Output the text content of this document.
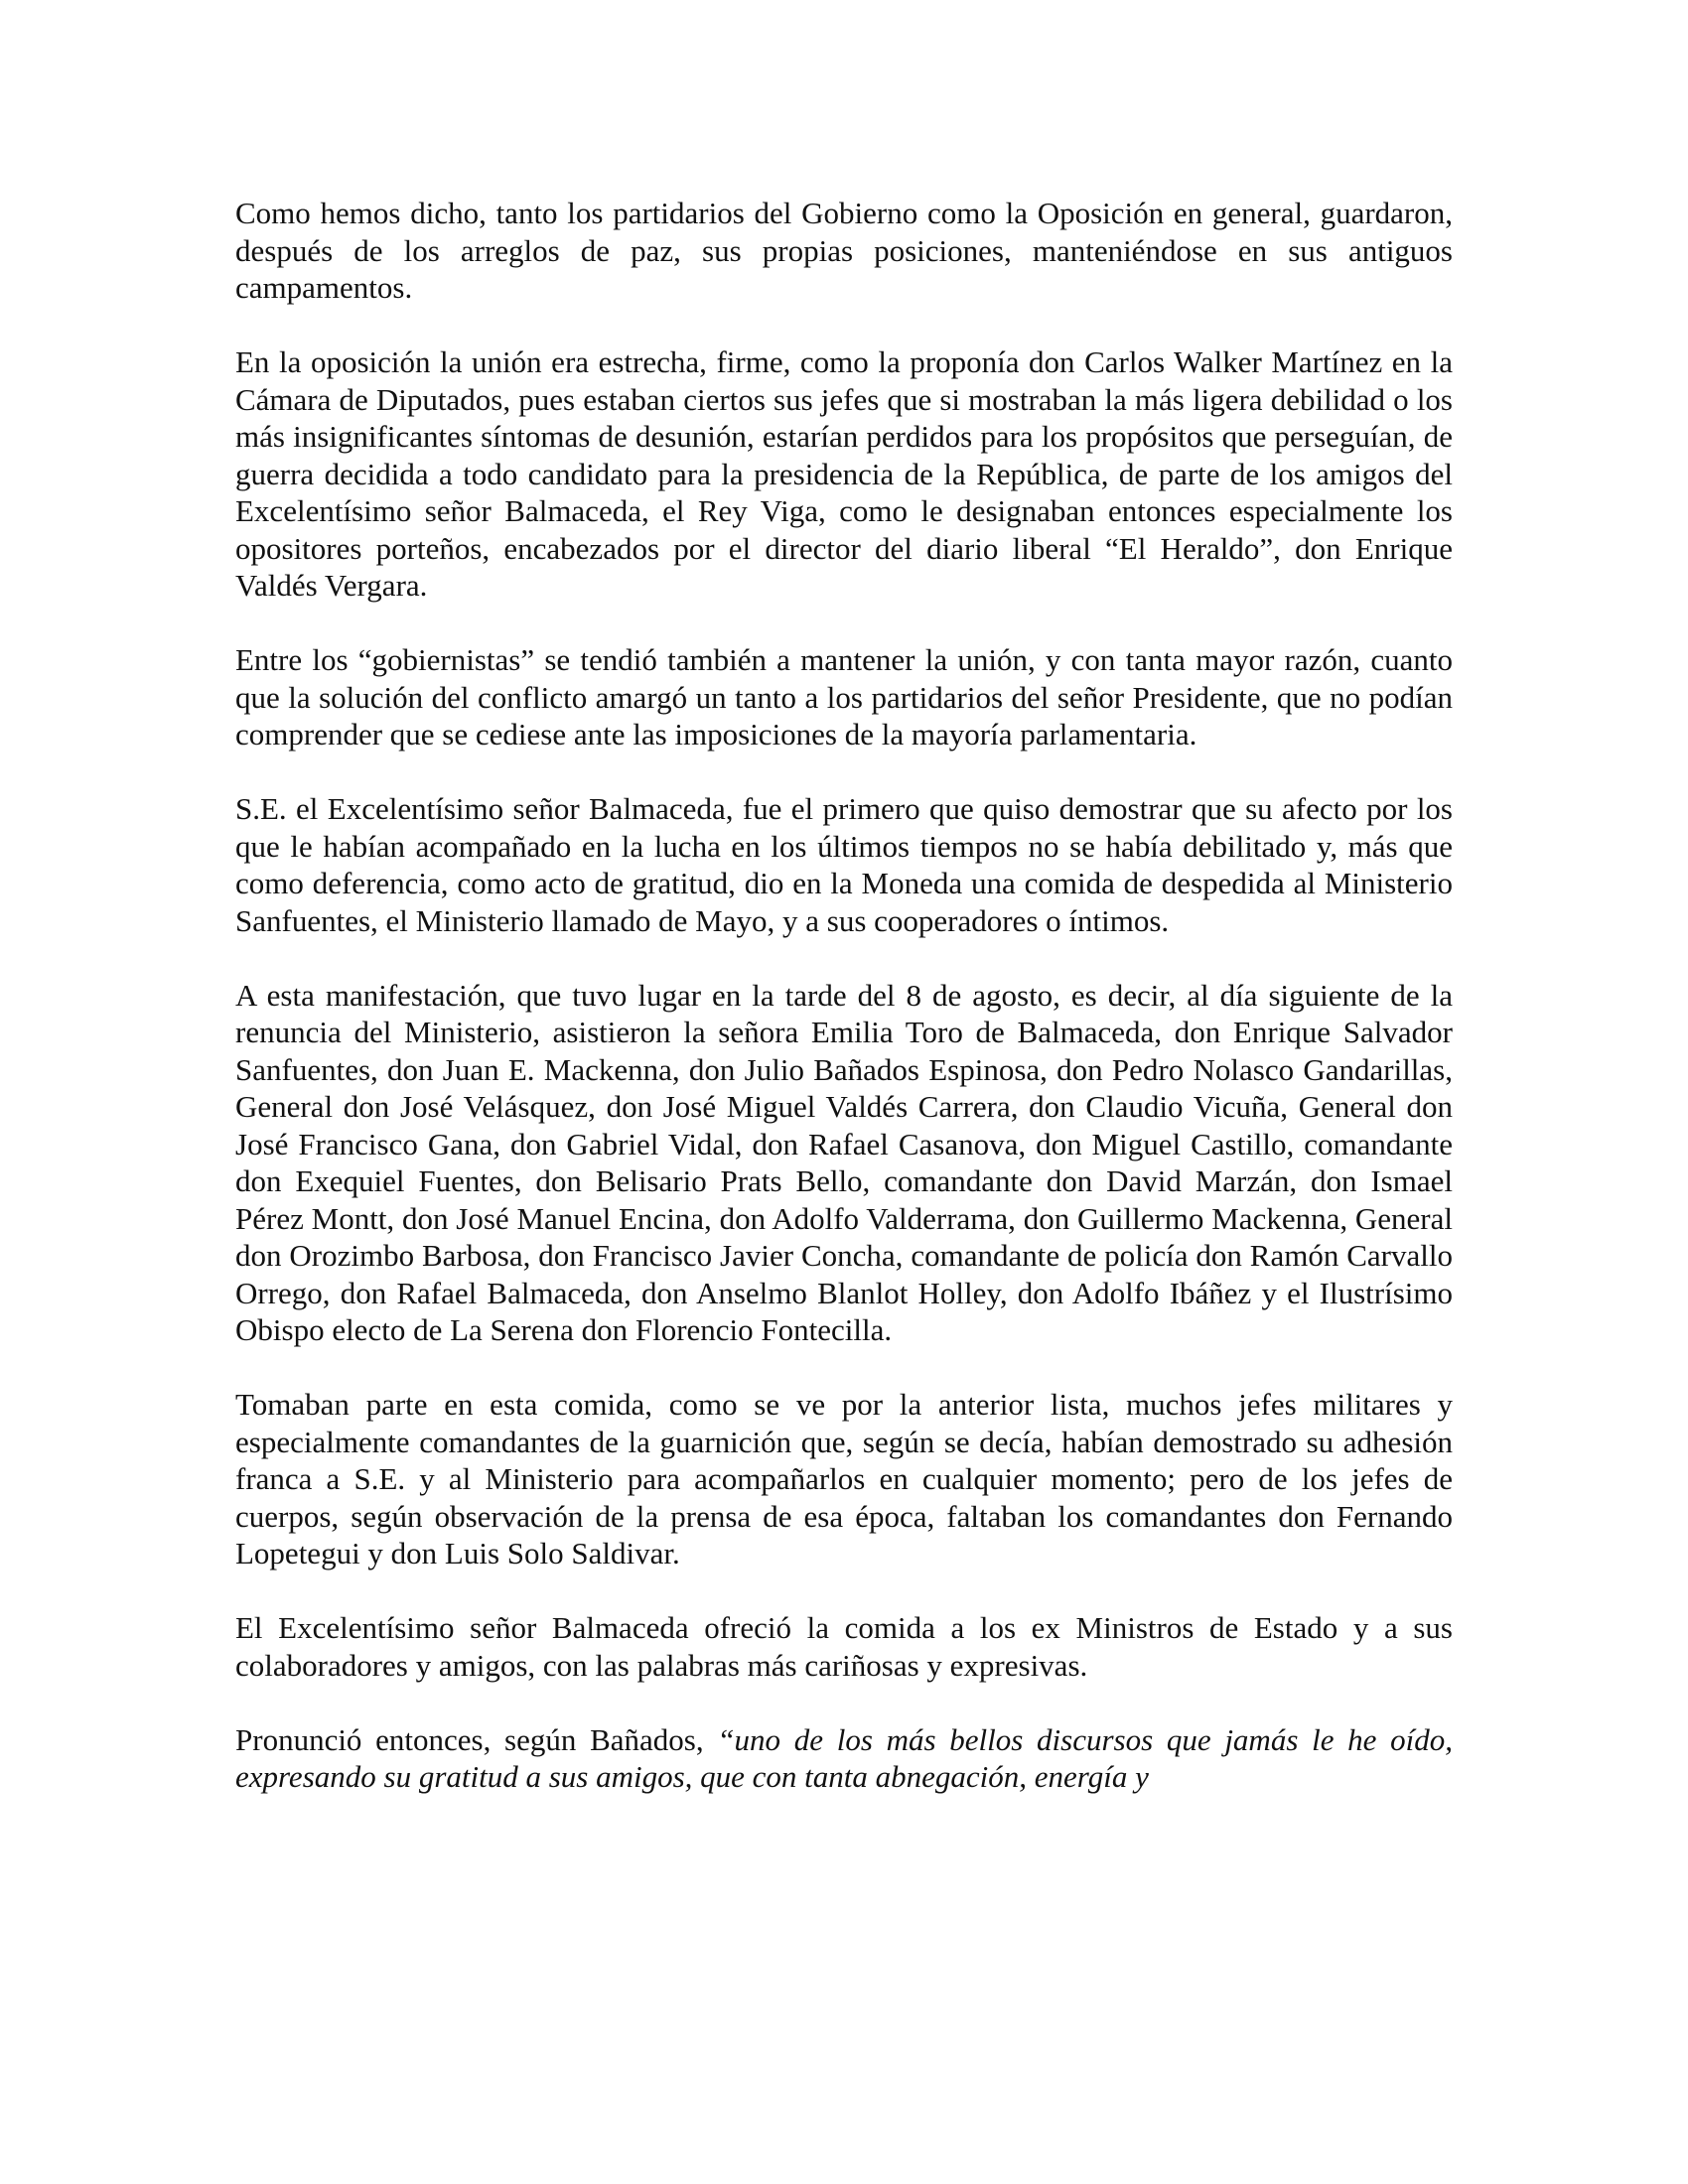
Como hemos dicho, tanto los partidarios del Gobierno como la Oposición en general, guardaron, después de los arreglos de paz, sus propias posiciones, manteniéndose en sus antiguos campamentos.

En la oposición la unión era estrecha, firme, como la proponía don Carlos Walker Martínez en la Cámara de Diputados, pues estaban ciertos sus jefes que si mostraban la más ligera debilidad o los más insignificantes síntomas de desunión, estarían perdidos para los propósitos que perseguían, de guerra decidida a todo candidato para la presidencia de la República, de parte de los amigos del Excelentísimo señor Balmaceda, el Rey Viga, como le designaban entonces especialmente los opositores porteños, encabezados por el director del diario liberal “El Heraldo”, don Enrique Valdés Vergara.

Entre los “gobiernistas” se tendió también a mantener la unión, y con tanta mayor razón, cuanto que la solución del conflicto amargó un tanto a los partidarios del señor Presidente, que no podían comprender que se cediese ante las imposiciones de la mayoría parlamentaria.

S.E. el Excelentísimo señor Balmaceda, fue el primero que quiso demostrar que su afecto por los que le habían acompañado en la lucha en los últimos tiempos no se había debilitado y, más que como deferencia, como acto de gratitud, dio en la Moneda una comida de despedida al Ministerio Sanfuentes, el Ministerio llamado de Mayo, y a sus cooperadores o íntimos.

A esta manifestación, que tuvo lugar en la tarde del 8 de agosto, es decir, al día siguiente de la renuncia del Ministerio, asistieron la señora Emilia Toro de Balmaceda, don Enrique Salvador Sanfuentes, don Juan E. Mackenna, don Julio Bañados Espinosa, don Pedro Nolasco Gandarillas, General don José Velásquez, don José Miguel Valdés Carrera, don Claudio Vicuña, General don José Francisco Gana, don Gabriel Vidal, don Rafael Casanova, don Miguel Castillo, comandante don Exequiel Fuentes, don Belisario Prats Bello, comandante don David Marzán, don Ismael Pérez Montt, don José Manuel Encina, don Adolfo Valderrama, don Guillermo Mackenna, General don Orozimbo Barbosa, don Francisco Javier Concha, comandante de policía don Ramón Carvallo Orrego, don Rafael Balmaceda, don Anselmo Blanlot Holley, don Adolfo Ibáñez y el Ilustrísimo Obispo electo de La Serena don Florencio Fontecilla.

Tomaban parte en esta comida, como se ve por la anterior lista, muchos jefes militares y especialmente comandantes de la guarnición que, según se decía, habían demostrado su adhesión franca a S.E. y al Ministerio para acompañarlos en cualquier momento; pero de los jefes de cuerpos, según observación de la prensa de esa época, faltaban los comandantes don Fernando Lopetegui y don Luis Solo Saldivar.

El Excelentísimo señor Balmaceda ofreció la comida a los ex Ministros de Estado y a sus colaboradores y amigos, con las palabras más cariñosas y expresivas.

Pronunció entonces, según Bañados, “uno de los más bellos discursos que jamás le he oído, expresando su gratitud a sus amigos, que con tanta abnegación, energía y
